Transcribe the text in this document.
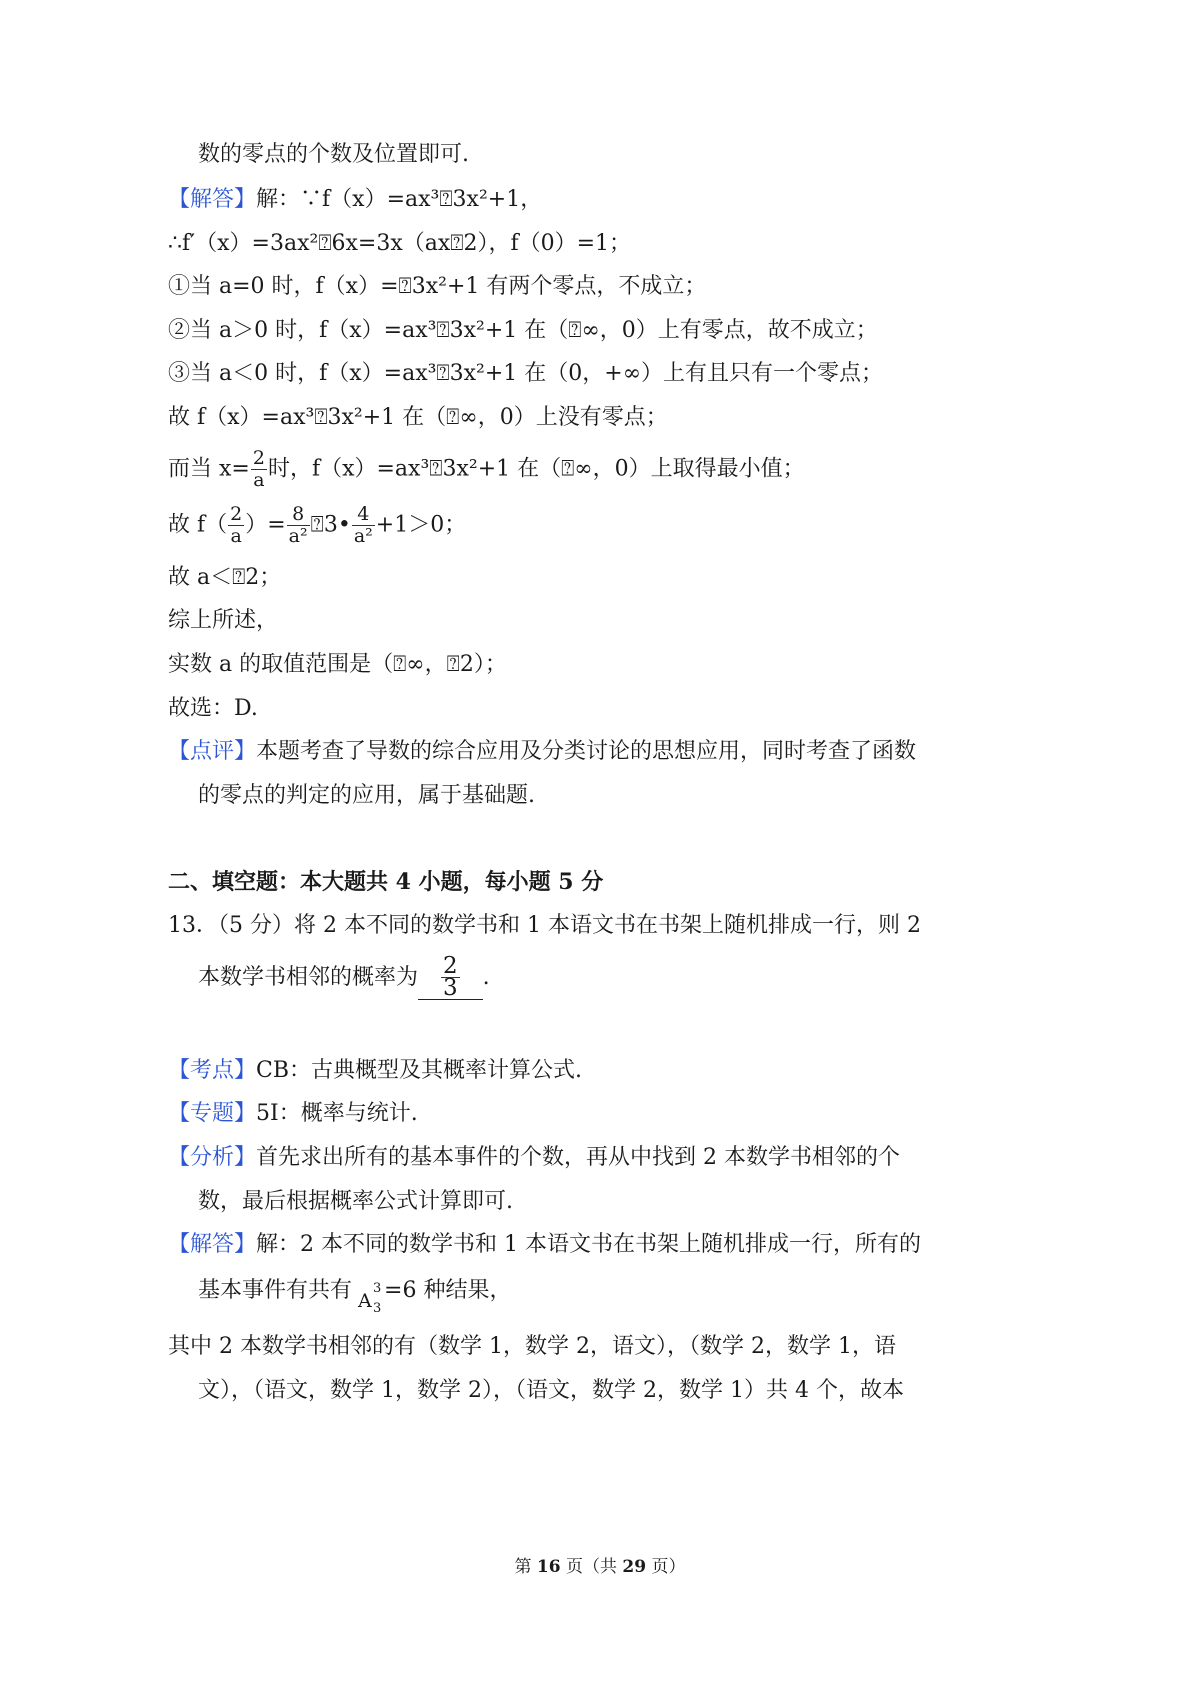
数的零点的个数及位置即可.
【解答】解：∵f（x）=ax³⍰3x²+1，
∴f′（x）=3ax²⍰6x=3x（ax⍰2），f（0）=1；
①当 a=0 时，f（x）=⍰3x²+1 有两个零点，不成立；
②当 a＞0 时，f（x）=ax³⍰3x²+1 在（⍰∞，0）上有零点，故不成立；
③当 a＜0 时，f（x）=ax³⍰3x²+1 在（0，+∞）上有且只有一个零点；
故 f（x）=ax³⍰3x²+1 在（⍰∞，0）上没有零点；
而当 $x= \frac{2}{a}$ 时，f（x）=ax³⍰3x²+1 在（⍰∞，0）上取得最小值；
故 $f( \frac{2}{a}$ ）= $\frac{8}{\text{a²}}$ ⍰3• $\frac{4}{\text{a²}} +1>0$；
故 a＜⍰2；
综上所述，
实数 a 的取值范围是（⍰∞，⍰2）；
故选：D.
【点评】本题考查了导数的综合应用及分类讨论的思想应用，同时考查了函数
的零点的判定的应用，属于基础题.
二、填空题：本大题共 4 小题，每小题 5 分
13．（5 分）将 2 本不同的数学书和 1 本语文书在书架上随机排成一行，则 2
本数学书相邻的概率为 $\frac{2}{3}$ .
【考点】CB：古典概型及其概率计算公式.
【专题】5I：概率与统计.
【分析】首先求出所有的基本事件的个数，再从中找到 2 本数学书相邻的个
数，最后根据概率公式计算即可.
【解答】解：2 本不同的数学书和 1 本语文书在书架上随机排成一行，所有的
基本事件有共有 A
3
3
=6 种结果，
其中 2 本数学书相邻的有（数学 1，数学 2，语文），（数学 2，数学 1，语
文），（语文，数学 1，数学 2），（语文，数学 2，数学 1）共 4 个，故本
第 16 页（共 29 页）
